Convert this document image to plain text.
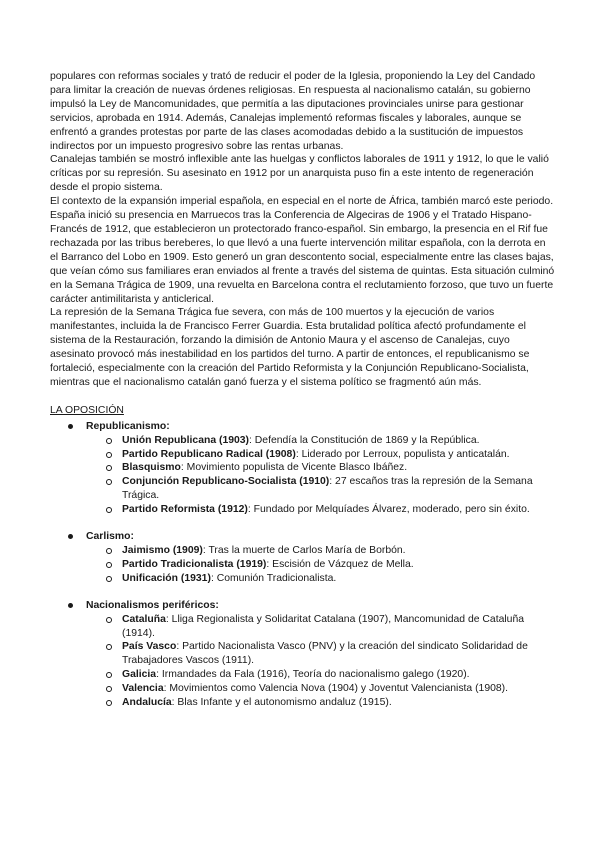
populares con reformas sociales y trató de reducir el poder de la Iglesia, proponiendo la Ley del Candado para limitar la creación de nuevas órdenes religiosas. En respuesta al nacionalismo catalán, su gobierno impulsó la Ley de Mancomunidades, que permitía a las diputaciones provinciales unirse para gestionar servicios, aprobada en 1914. Además, Canalejas implementó reformas fiscales y laborales, aunque se enfrentó a grandes protestas por parte de las clases acomodadas debido a la sustitución de impuestos indirectos por un impuesto progresivo sobre las rentas urbanas.

Canalejas también se mostró inflexible ante las huelgas y conflictos laborales de 1911 y 1912, lo que le valió críticas por su represión. Su asesinato en 1912 por un anarquista puso fin a este intento de regeneración desde el propio sistema.

El contexto de la expansión imperial española, en especial en el norte de África, también marcó este periodo. España inició su presencia en Marruecos tras la Conferencia de Algeciras de 1906 y el Tratado Hispano-Francés de 1912, que establecieron un protectorado franco-español. Sin embargo, la presencia en el Rif fue rechazada por las tribus bereberes, lo que llevó a una fuerte intervención militar española, con la derrota en el Barranco del Lobo en 1909. Esto generó un gran descontento social, especialmente entre las clases bajas, que veían cómo sus familiares eran enviados al frente a través del sistema de quintas. Esta situación culminó en la Semana Trágica de 1909, una revuelta en Barcelona contra el reclutamiento forzoso, que tuvo un fuerte carácter antimilitarista y anticlerical.

La represión de la Semana Trágica fue severa, con más de 100 muertos y la ejecución de varios manifestantes, incluida la de Francisco Ferrer Guardia. Esta brutalidad política afectó profundamente el sistema de la Restauración, forzando la dimisión de Antonio Maura y el ascenso de Canalejas, cuyo asesinato provocó más inestabilidad en los partidos del turno. A partir de entonces, el republicanismo se fortaleció, especialmente con la creación del Partido Reformista y la Conjunción Republicano-Socialista, mientras que el nacionalismo catalán ganó fuerza y el sistema político se fragmentó aún más.

LA OPOSICIÓN
Republicanismo:
Unión Republicana (1903): Defendía la Constitución de 1869 y la República.
Partido Republicano Radical (1908): Liderado por Lerroux, populista y anticatalán.
Blasquismo: Movimiento populista de Vicente Blasco Ibáñez.
Conjunción Republicano-Socialista (1910): 27 escaños tras la represión de la Semana Trágica.
Partido Reformista (1912): Fundado por Melquíades Álvarez, moderado, pero sin éxito.
Carlismo:
Jaimismo (1909): Tras la muerte de Carlos María de Borbón.
Partido Tradicionalista (1919): Escisión de Vázquez de Mella.
Unificación (1931): Comunión Tradicionalista.
Nacionalismos periféricos:
Cataluña: Lliga Regionalista y Solidaritat Catalana (1907), Mancomunidad de Cataluña (1914).
País Vasco: Partido Nacionalista Vasco (PNV) y la creación del sindicato Solidaridad de Trabajadores Vascos (1911).
Galicia: Irmandades da Fala (1916), Teoría do nacionalismo galego (1920).
Valencia: Movimientos como Valencia Nova (1904) y Joventut Valencianista (1908).
Andalucía: Blas Infante y el autonomismo andaluz (1915).
